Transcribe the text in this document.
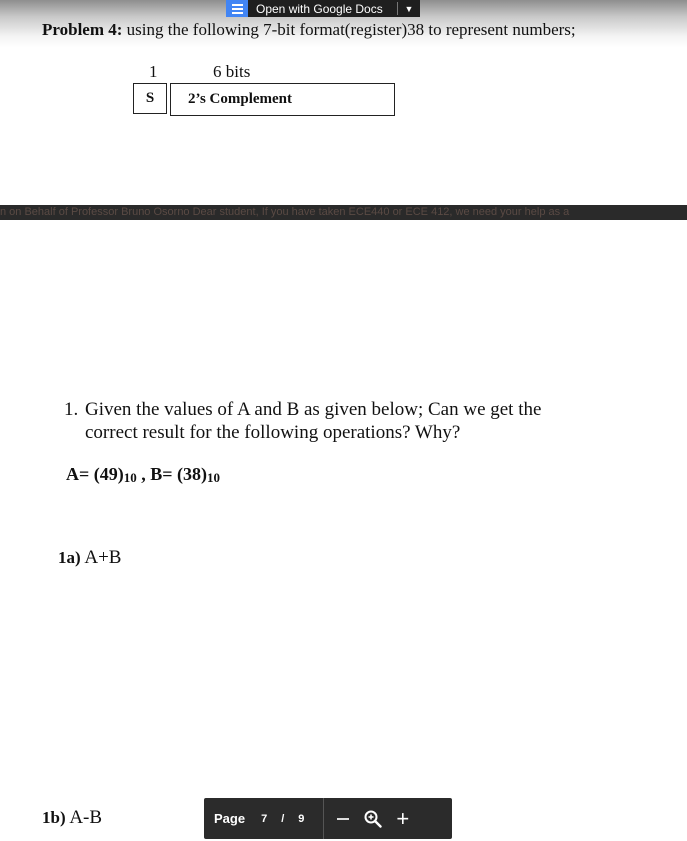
Open with Google Docs	▼
Problem 4: using the following 7-bit format(register)38 to represent numbers;
1	6 bits
S	2’s Complement
n on Behalf of Professor Bruno Osorno Dear student, If you have taken ECE440 or ECE 412, we need your help as a
1. Given the values of A and B as given below; Can we get the correct result for the following operations? Why?
$A= (49)_{10}$ , $B= (38)_{10}$
1a) A+B
1b) A-B	Page 7 / 9	+
